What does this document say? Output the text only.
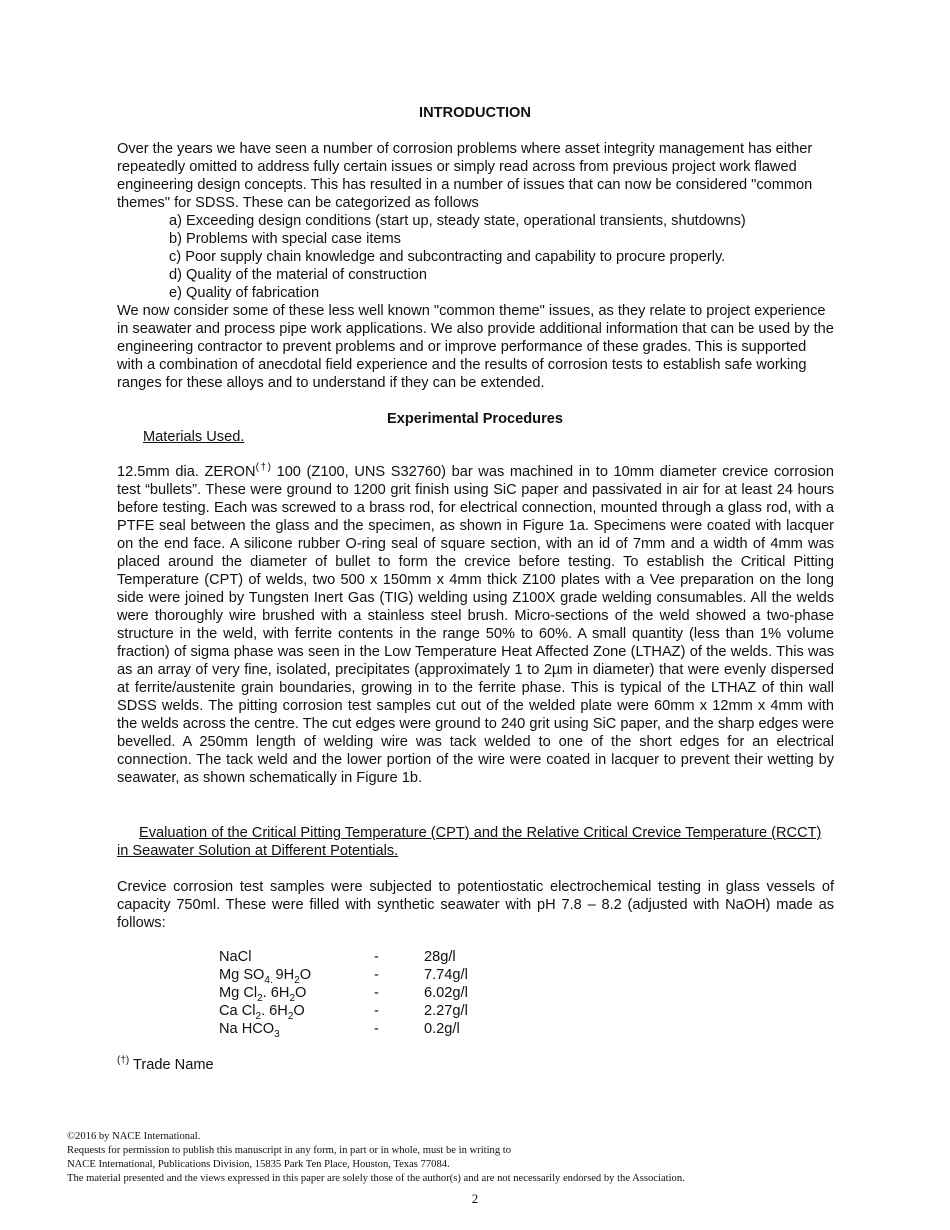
INTRODUCTION

Over the years we have seen a number of corrosion problems where asset integrity management has either repeatedly omitted to address fully certain issues or simply read across from previous project work flawed engineering design concepts. This has resulted in a number of issues that can now be considered "common themes" for SDSS. These can be categorized as follows

a) Exceeding design conditions (start up, steady state, operational transients, shutdowns)
b) Problems with special case items
c) Poor supply chain knowledge and subcontracting and capability to procure properly.
d) Quality of the material of construction
e) Quality of fabrication

We now consider some of these less well known "common theme" issues, as they relate to project experience in seawater and process pipe work applications. We also provide additional information that can be used by the engineering contractor to prevent problems and or improve performance of these grades. This is supported with a combination of anecdotal field experience and the results of corrosion tests to establish safe working ranges for these alloys and to understand if they can be extended.

Experimental Procedures
Materials Used.
12.5mm dia. ZERON(†) 100 (Z100, UNS S32760) bar was machined in to 10mm diameter crevice corrosion test “bullets”. These were ground to 1200 grit finish using SiC paper and passivated in air for at least 24 hours before testing. Each was screwed to a brass rod, for electrical connection, mounted through a glass rod, with a PTFE seal between the glass and the specimen, as shown in Figure 1a. Specimens were coated with lacquer on the end face. A silicone rubber O-ring seal of square section, with an id of 7mm and a width of 4mm was placed around the diameter of bullet to form the crevice before testing. To establish the Critical Pitting Temperature (CPT) of welds, two 500 x 150mm x 4mm thick Z100 plates with a Vee preparation on the long side were joined by Tungsten Inert Gas (TIG) welding using Z100X grade welding consumables. All the welds were thoroughly wire brushed with a stainless steel brush. Micro-sections of the weld showed a two-phase structure in the weld, with ferrite contents in the range 50% to 60%. A small quantity (less than 1% volume fraction) of sigma phase was seen in the Low Temperature Heat Affected Zone (LTHAZ) of the welds. This was as an array of very fine, isolated, precipitates (approximately 1 to 2µm in diameter) that were evenly dispersed at ferrite/austenite grain boundaries, growing in to the ferrite phase. This is typical of the LTHAZ of thin wall SDSS welds. The pitting corrosion test samples cut out of the welded plate were 60mm x 12mm x 4mm with the welds across the centre. The cut edges were ground to 240 grit using SiC paper, and the sharp edges were bevelled. A 250mm length of welding wire was tack welded to one of the short edges for an electrical connection. The tack weld and the lower portion of the wire were coated in lacquer to prevent their wetting by seawater, as shown schematically in Figure 1b.

Evaluation of the Critical Pitting Temperature (CPT) and the Relative Critical Crevice Temperature (RCCT) in Seawater Solution at Different Potentials.

Crevice corrosion test samples were subjected to potentiostatic electrochemical testing in glass vessels of capacity 750ml. These were filled with synthetic seawater with pH 7.8 – 8.2 (adjusted with NaOH) made as follows:
NaCl	-	28g/l
Mg $SO_{4.}$ $9H_2O$	-	7.74g/l
Mg $Cl_2$. $6H_2O$	-	6.02g/l
Ca $Cl_2$. $6H_2O$	-	2.27g/l
Na $HCO_3$	-	0.2g/l
(†) Trade Name
©2016 by NACE International.
Requests for permission to publish this manuscript in any form, in part or in whole, must be in writing to
NACE International, Publications Division, 15835 Park Ten Place, Houston, Texas 77084.
The material presented and the views expressed in this paper are solely those of the author(s) and are not necessarily endorsed by the Association.
2
